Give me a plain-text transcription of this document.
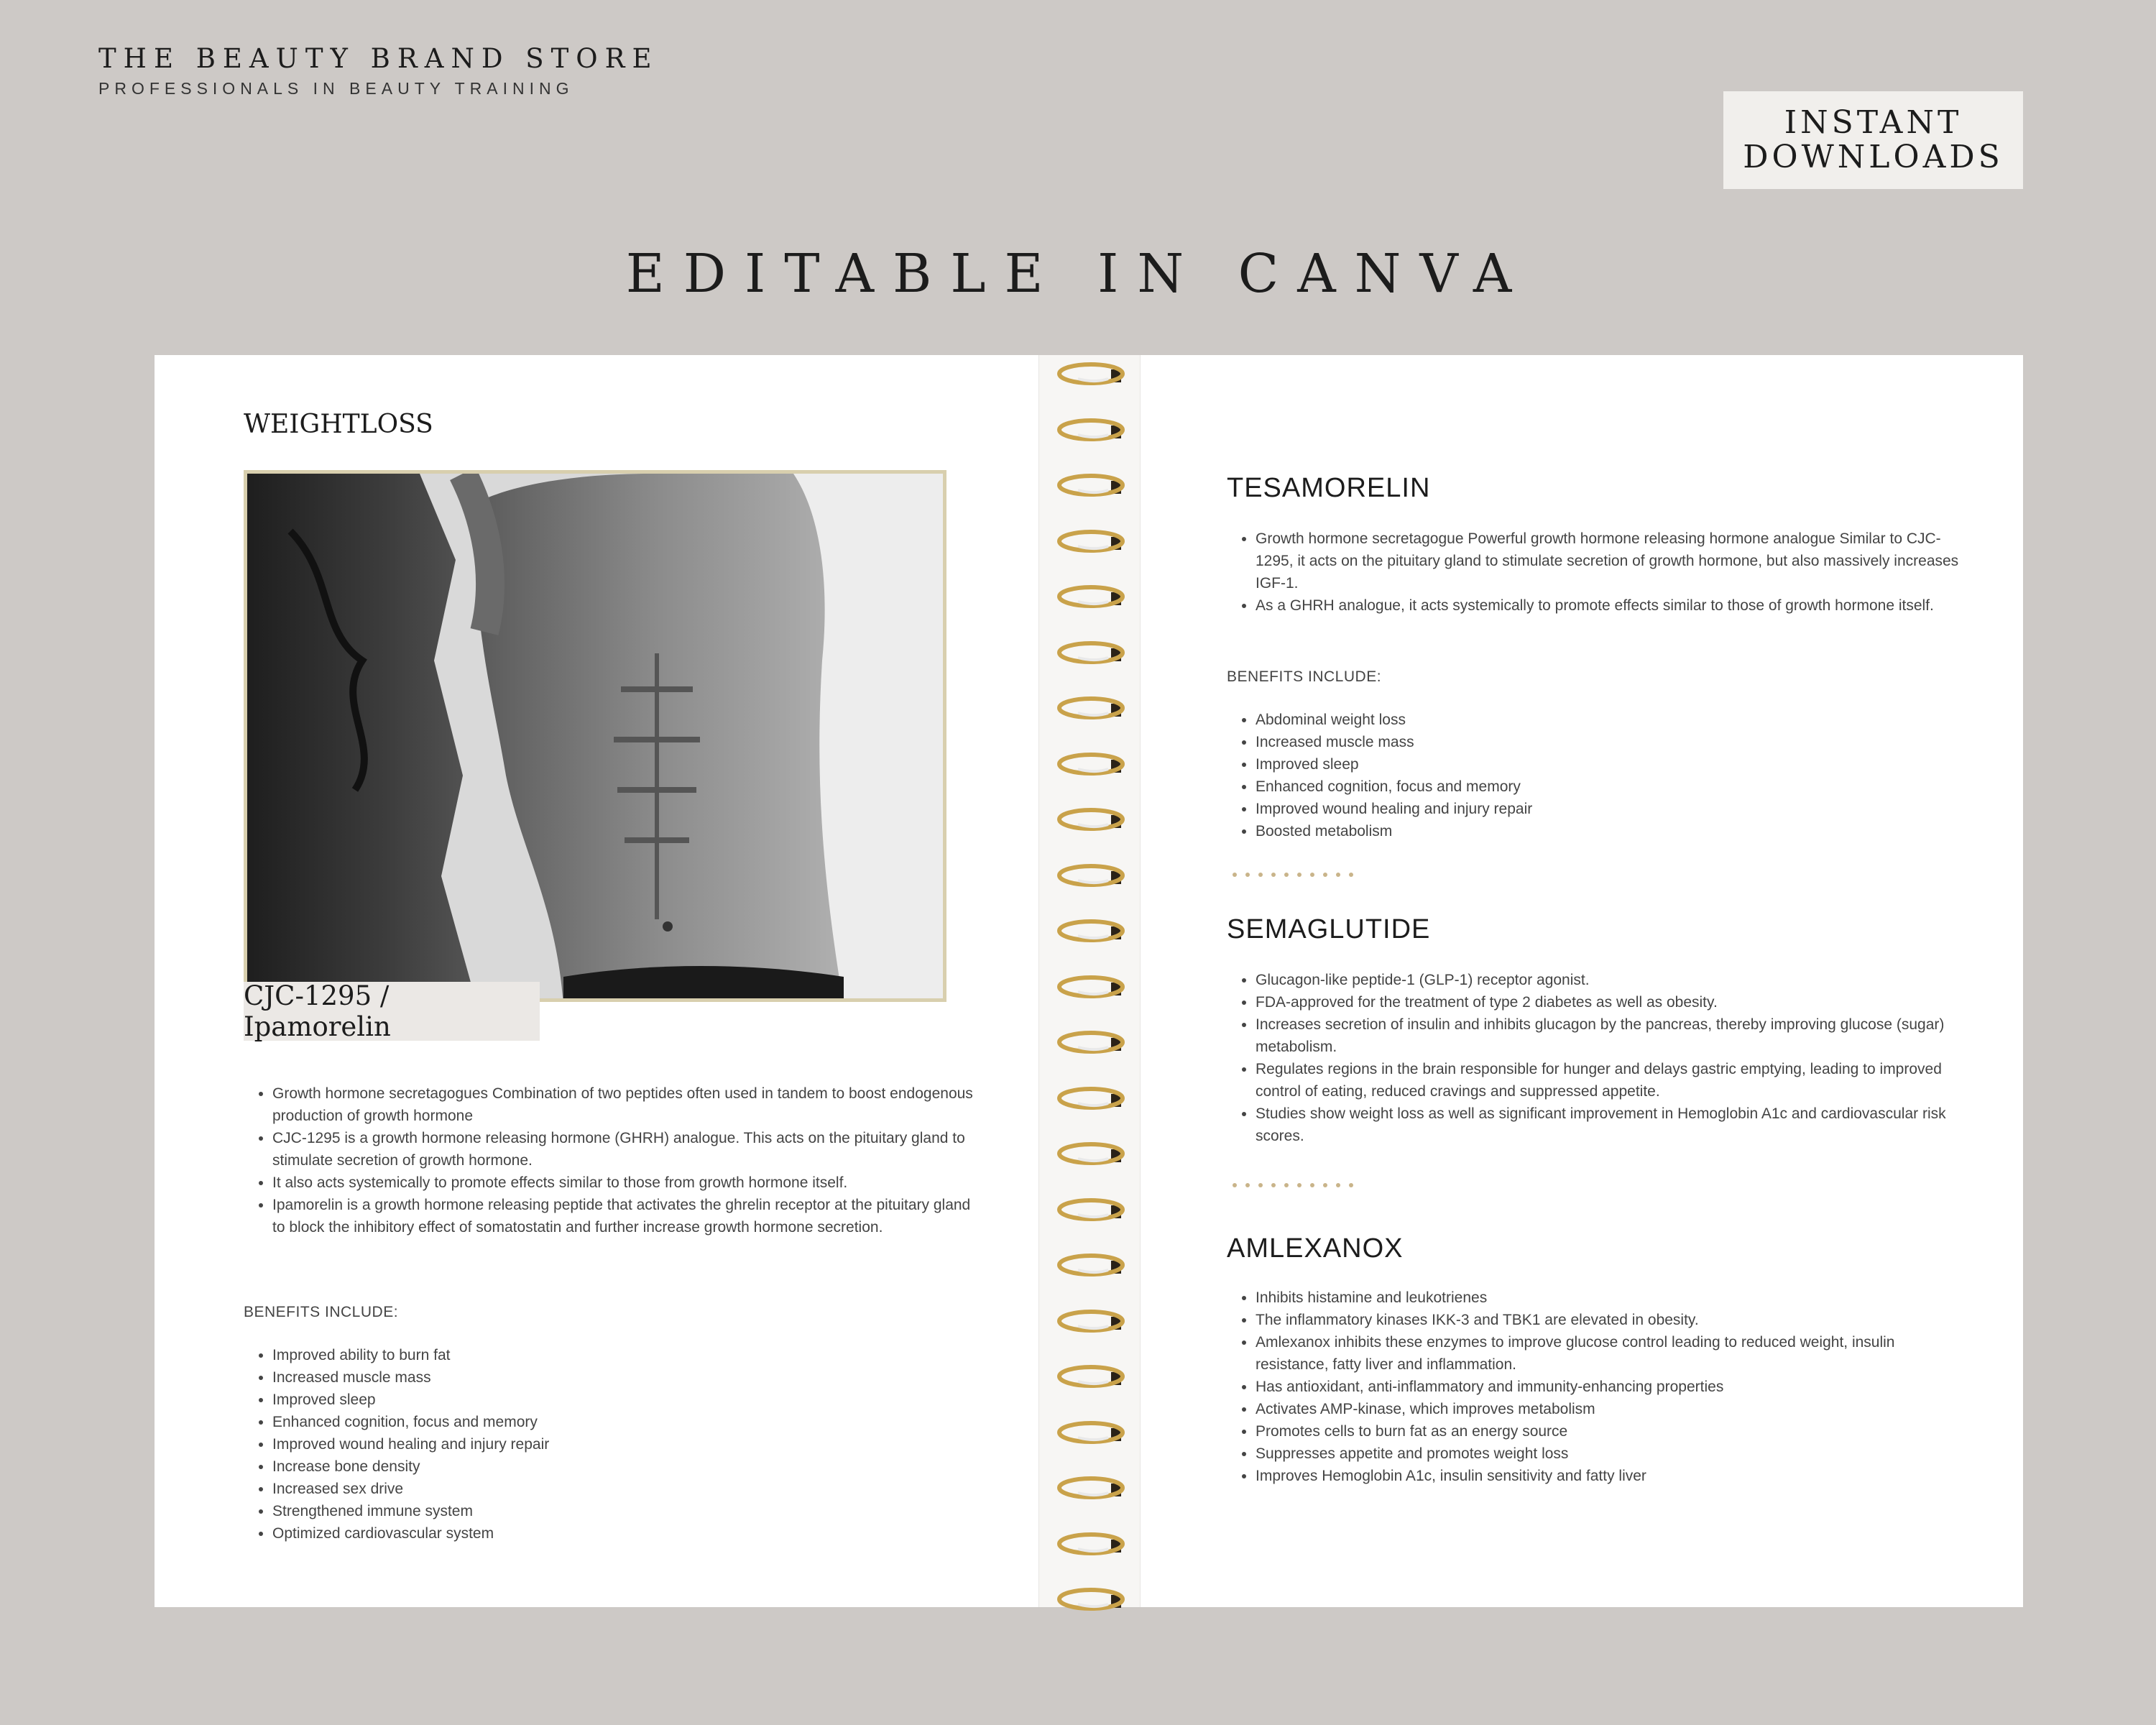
THE BEAUTY BRAND STORE
PROFESSIONALS IN BEAUTY TRAINING
INSTANT
DOWNLOADS
EDITABLE IN CANVA
WEIGHTLOSS
CJC-1295 / Ipamorelin
• Growth hormone secretagogues Combination of two peptides often used in tandem to boost endogenous production of growth hormone
• CJC-1295 is a growth hormone releasing hormone (GHRH) analogue. This acts on the pituitary gland to stimulate secretion of growth hormone.
• It also acts systemically to promote effects similar to those from growth hormone itself.
• Ipamorelin is a growth hormone releasing peptide that activates the ghrelin receptor at the pituitary gland to block the inhibitory effect of somatostatin and further increase growth hormone secretion.
BENEFITS INCLUDE:
• Improved ability to burn fat
• Increased muscle mass
• Improved sleep
• Enhanced cognition, focus and memory
• Improved wound healing and injury repair
• Increase bone density
• Increased sex drive
• Strengthened immune system
• Optimized cardiovascular system
TESAMORELIN
• Growth hormone secretagogue Powerful growth hormone releasing hormone analogue Similar to CJC-1295, it acts on the pituitary gland to stimulate secretion of growth hormone, but also massively increases IGF-1.
• As a GHRH analogue, it acts systemically to promote effects similar to those of growth hormone itself.
BENEFITS INCLUDE:
• Abdominal weight loss
• Increased muscle mass
• Improved sleep
• Enhanced cognition, focus and memory
• Improved wound healing and injury repair
• Boosted metabolism
SEMAGLUTIDE
• Glucagon-like peptide-1 (GLP-1) receptor agonist.
• FDA-approved for the treatment of type 2 diabetes as well as obesity.
• Increases secretion of insulin and inhibits glucagon by the pancreas, thereby improving glucose (sugar) metabolism.
• Regulates regions in the brain responsible for hunger and delays gastric emptying, leading to improved control of eating, reduced cravings and suppressed appetite.
• Studies show weight loss as well as significant improvement in Hemoglobin A1c and cardiovascular risk scores.
AMLEXANOX
• Inhibits histamine and leukotrienes
• The inflammatory kinases IKK-3 and TBK1 are elevated in obesity.
• Amlexanox inhibits these enzymes to improve glucose control leading to reduced weight, insulin resistance, fatty liver and inflammation.
• Has antioxidant, anti-inflammatory and immunity-enhancing properties
• Activates AMP-kinase, which improves metabolism
• Promotes cells to burn fat as an energy source
• Suppresses appetite and promotes weight loss
• Improves Hemoglobin A1c, insulin sensitivity and fatty liver
